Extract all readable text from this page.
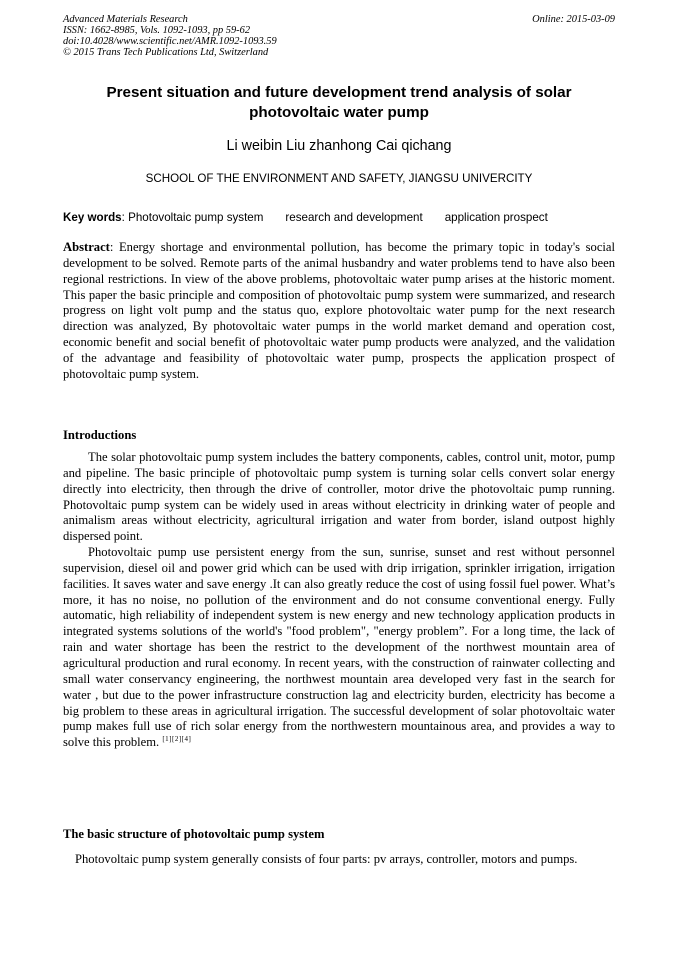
Advanced Materials Research
ISSN: 1662-8985, Vols. 1092-1093, pp 59-62
doi:10.4028/www.scientific.net/AMR.1092-1093.59
© 2015 Trans Tech Publications Ltd, Switzerland
Online: 2015-03-09
Present situation and future development trend analysis of solar photovoltaic water pump
Li weibin Liu zhanhong Cai qichang
SCHOOL OF THE ENVIRONMENT AND SAFETY, JIANGSU UNIVERCITY
Key words: Photovoltaic pump system research and development application prospect
Abstract: Energy shortage and environmental pollution, has become the primary topic in today's social development to be solved. Remote parts of the animal husbandry and water problems tend to have also been regional restrictions. In view of the above problems, photovoltaic water pump arises at the historic moment. This paper the basic principle and composition of photovoltaic pump system were summarized, and research progress on light volt pump and the status quo, explore photovoltaic water pump for the next research direction was analyzed, By photovoltaic water pumps in the world market demand and operation cost, economic benefit and social benefit of photovoltaic water pump products were analyzed, and the validation of the advantage and feasibility of photovoltaic water pump, prospects the application prospect of photovoltaic pump system.
Introductions

The solar photovoltaic pump system includes the battery components, cables, control unit, motor, pump and pipeline. The basic principle of photovoltaic pump system is turning solar cells convert solar energy directly into electricity, then through the drive of controller, motor drive the photovoltaic pump running. Photovoltaic pump system can be widely used in areas without electricity in drinking water of people and animalism areas without electricity, agricultural irrigation and water from border, island outpost highly dispersed point.

Photovoltaic pump use persistent energy from the sun, sunrise, sunset and rest without personnel supervision, diesel oil and power grid which can be used with drip irrigation, sprinkler irrigation, irrigation facilities. It saves water and save energy .It can also greatly reduce the cost of using fossil fuel power. What’s more, it has no noise, no pollution of the environment and do not consume conventional energy. Fully automatic, high reliability of independent system is new energy and new technology application products in integrated systems solutions of the world's "food problem", "energy problem”. For a long time, the lack of rain and water shortage has been the restrict to the development of the northwest mountain area of agricultural production and rural economy. In recent years, with the construction of rainwater collecting and small water conservancy engineering, the northwest mountain area developed very fast in the search for water , but due to the power infrastructure construction lag and electricity burden, electricity has become a big problem to these areas in agricultural irrigation. The successful development of solar photovoltaic water pump makes full use of rich solar energy from the northwestern mountainous area, and provides a way to solve this problem. [1][2][4]

The basic structure of photovoltaic pump system

Photovoltaic pump system generally consists of four parts: pv arrays, controller, motors and pumps.
